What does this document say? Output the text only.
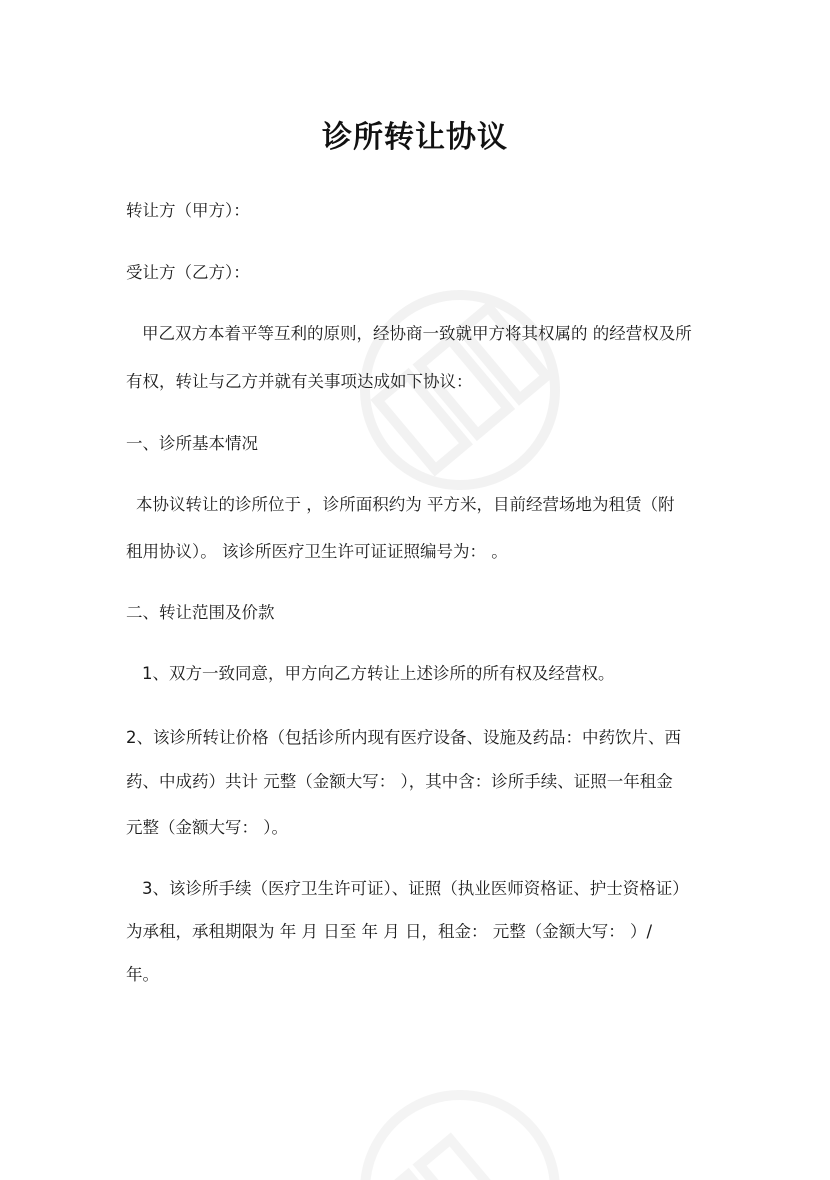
诊所转让协议
转让方（甲方）：
受让方（乙方）：
甲乙双方本着平等互利的原则，经协商一致就甲方将其权属的 的经营权及所
有权，转让与乙方并就有关事项达成如下协议：
一、诊所基本情况
本协议转让的诊所位于 ，诊所面积约为 平方米，目前经营场地为租赁（附
租用协议）。 该诊所医疗卫生许可证证照编号为： 。
二、转让范围及价款
1、双方一致同意，甲方向乙方转让上述诊所的所有权及经营权。
2、该诊所转让价格（包括诊所内现有医疗设备、设施及药品：中药饮片、西
药、中成药）共计 元整（金额大写： ），其中含：诊所手续、证照一年租金
元整（金额大写： ）。
3、该诊所手续（医疗卫生许可证）、证照（执业医师资格证、护士资格证）
为承租，承租期限为 年 月 日至 年 月 日，租金： 元整（金额大写： ）/
年。
